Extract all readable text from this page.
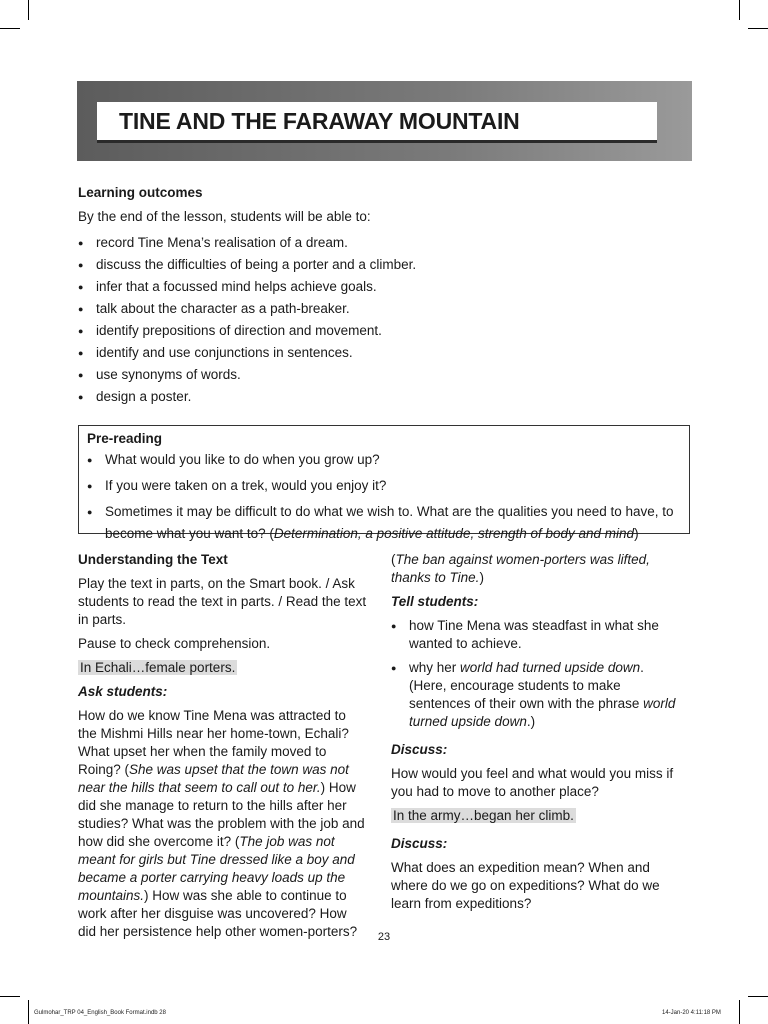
TINE AND THE FARAWAY MOUNTAIN
Learning outcomes
By the end of the lesson, students will be able to:
● record Tine Mena’s realisation of a dream.
● discuss the difficulties of being a porter and a climber.
● infer that a focussed mind helps achieve goals.
● talk about the character as a path-breaker.
● identify prepositions of direction and movement.
● identify and use conjunctions in sentences.
● use synonyms of words.
● design a poster.
Pre-reading
● What would you like to do when you grow up?
● If you were taken on a trek, would you enjoy it?
● Sometimes it may be difficult to do what we wish to. What are the qualities you need to have, to become what you want to? (Determination, a positive attitude, strength of body and mind)

Understanding the Text

Play the text in parts, on the Smart book. / Ask students to read the text in parts. / Read the text in parts.

Pause to check comprehension.

In Echali…female porters.

Ask students:

How do we know Tine Mena was attracted to the Mishmi Hills near her home-town, Echali? What upset her when the family moved to Roing? (She was upset that the town was not near the hills that seem to call out to her.) How did she manage to return to the hills after her studies? What was the problem with the job and how did she overcome it? (The job was not meant for girls but Tine dressed like a boy and became a porter carrying heavy loads up the mountains.) How was she able to continue to work after her disguise was uncovered? How did her persistence help other women-porters?

(The ban against women-porters was lifted, thanks to Tine.)

Tell students:

● how Tine Mena was steadfast in what she wanted to achieve.
● why her world had turned upside down. (Here, encourage students to make sentences of their own with the phrase world turned upside down.)

Discuss:

How would you feel and what would you miss if you had to move to another place?

In the army…began her climb.

Discuss:

What does an expedition mean? When and where do we go on expeditions? What do we learn from expeditions?

23
Gulmohar_TRP 04_English_Book Format.indb 28	14-Jan-20 4:11:18 PM
